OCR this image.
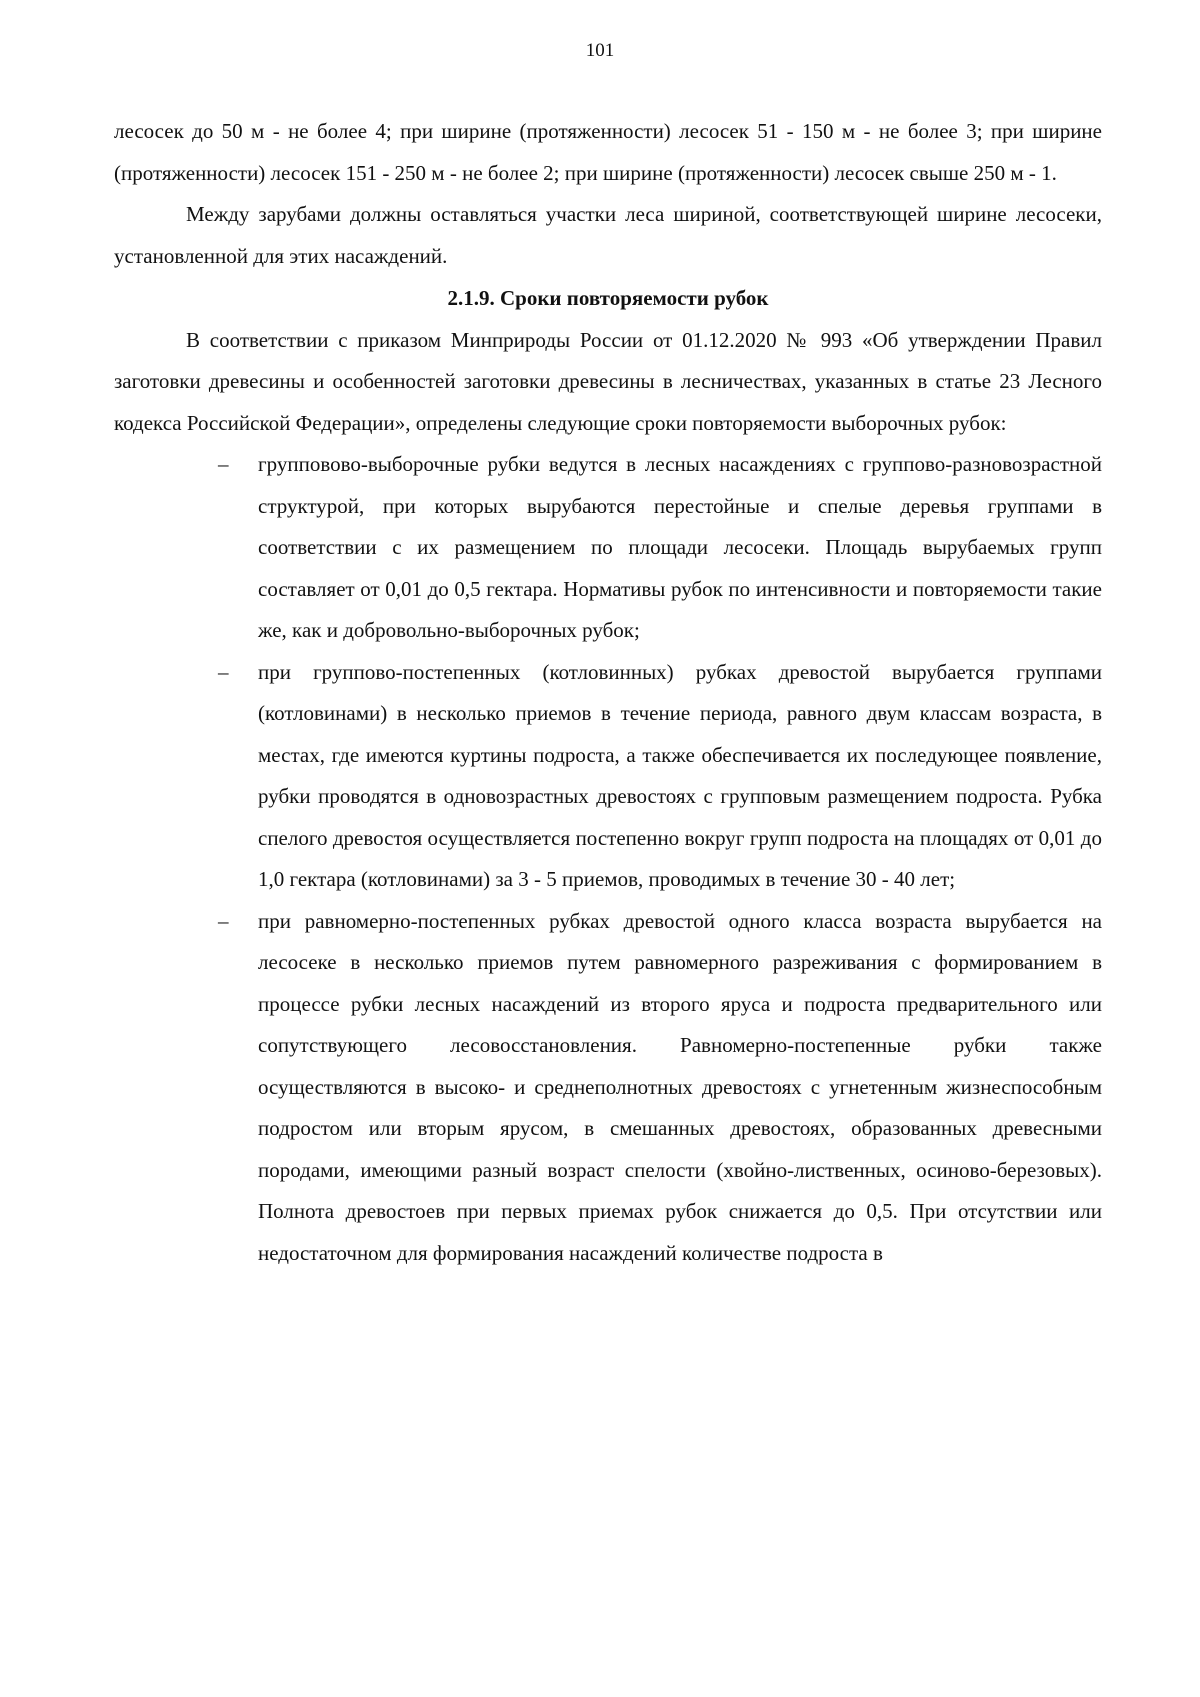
101

лесосек до 50 м - не более 4; при ширине (протяженности) лесосек 51 - 150 м - не более 3; при ширине (протяженности) лесосек 151 - 250 м - не более 2; при ширине (протяженности) лесосек свыше 250 м - 1.

Между зарубами должны оставляться участки леса шириной, соответствующей ширине лесосеки, установленной для этих насаждений.

2.1.9. Сроки повторяемости рубок

В соответствии с приказом Минприроды России от 01.12.2020 № 993 «Об утверждении Правил заготовки древесины и особенностей заготовки древесины в лесничествах, указанных в статье 23 Лесного кодекса Российской Федерации», определены следующие сроки повторяемости выборочных рубок:

– групповово-выборочные рубки ведутся в лесных насаждениях с группово-разновозрастной структурой, при которых вырубаются перестойные и спелые деревья группами в соответствии с их размещением по площади лесосеки. Площадь вырубаемых групп составляет от 0,01 до 0,5 гектара. Нормативы рубок по интенсивности и повторяемости такие же, как и добровольно-выборочных рубок;
– при группово-постепенных (котловинных) рубках древостой вырубается группами (котловинами) в несколько приемов в течение периода, равного двум классам возраста, в местах, где имеются куртины подроста, а также обеспечивается их последующее появление, рубки проводятся в одновозрастных древостоях с групповым размещением подроста. Рубка спелого древостоя осуществляется постепенно вокруг групп подроста на площадях от 0,01 до 1,0 гектара (котловинами) за 3 - 5 приемов, проводимых в течение 30 - 40 лет;
– при равномерно-постепенных рубках древостой одного класса возраста вырубается на лесосеке в несколько приемов путем равномерного разреживания с формированием в процессе рубки лесных насаждений из второго яруса и подроста предварительного или сопутствующего лесовосстановления. Равномерно-постепенные рубки также осуществляются в высоко- и среднеполнотных древостоях с угнетенным жизнеспособным подростом или вторым ярусом, в смешанных древостоях, образованных древесными породами, имеющими разный возраст спелости (хвойно-лиственных, осиново-березовых). Полнота древостоев при первых приемах рубок снижается до 0,5. При отсутствии или недостаточном для формирования насаждений количестве подроста в
